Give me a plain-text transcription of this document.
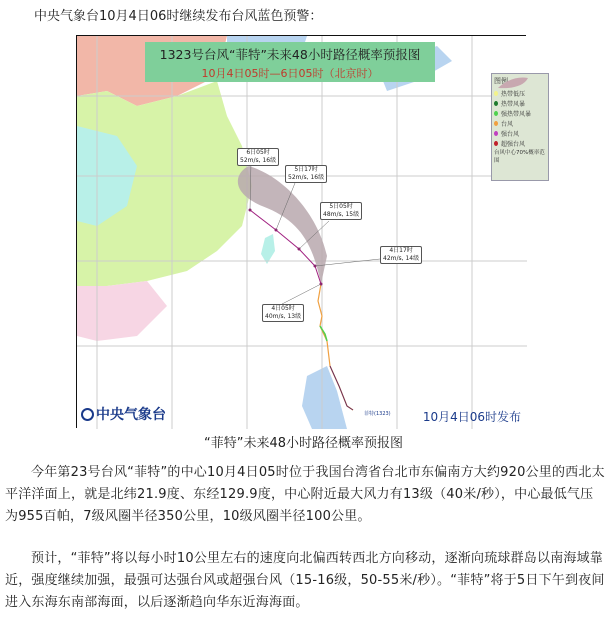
中央气象台10月4日06时继续发布台风蓝色预警：
1323号台风“菲特”未来48小时路径概率预报图
10月4日05时—6日05时（北京时）
6日05时
52m/s, 16级
5日17时
52m/s, 16级
5日05时
48m/s, 15级
4日17时
42m/s, 14级
4日05时
40m/s, 13级
图例
热带低压
热带风暴
强热带风暴
台风
强台风
超强台风
台风中心70%概率范围
菲特(1323)
中央气象台	10月4日06时发布
“菲特”未来48小时路径概率预报图
今年第23号台风“菲特”的中心10月4日05时位于我国台湾省台北市东偏南方大约920公里的西北太平洋洋面上，就是北纬21.9度、东经129.9度，中心附近最大风力有13级（40米/秒），中心最低气压为955百帕，7级风圈半径350公里，10级风圈半径100公里。
预计，“菲特”将以每小时10公里左右的速度向北偏西转西北方向移动，逐渐向琉球群岛以南海域靠近，强度继续加强，最强可达强台风或超强台风（15-16级，50-55米/秒）。“菲特”将于5日下午到夜间进入东海东南部海面，以后逐渐趋向华东近海海面。
